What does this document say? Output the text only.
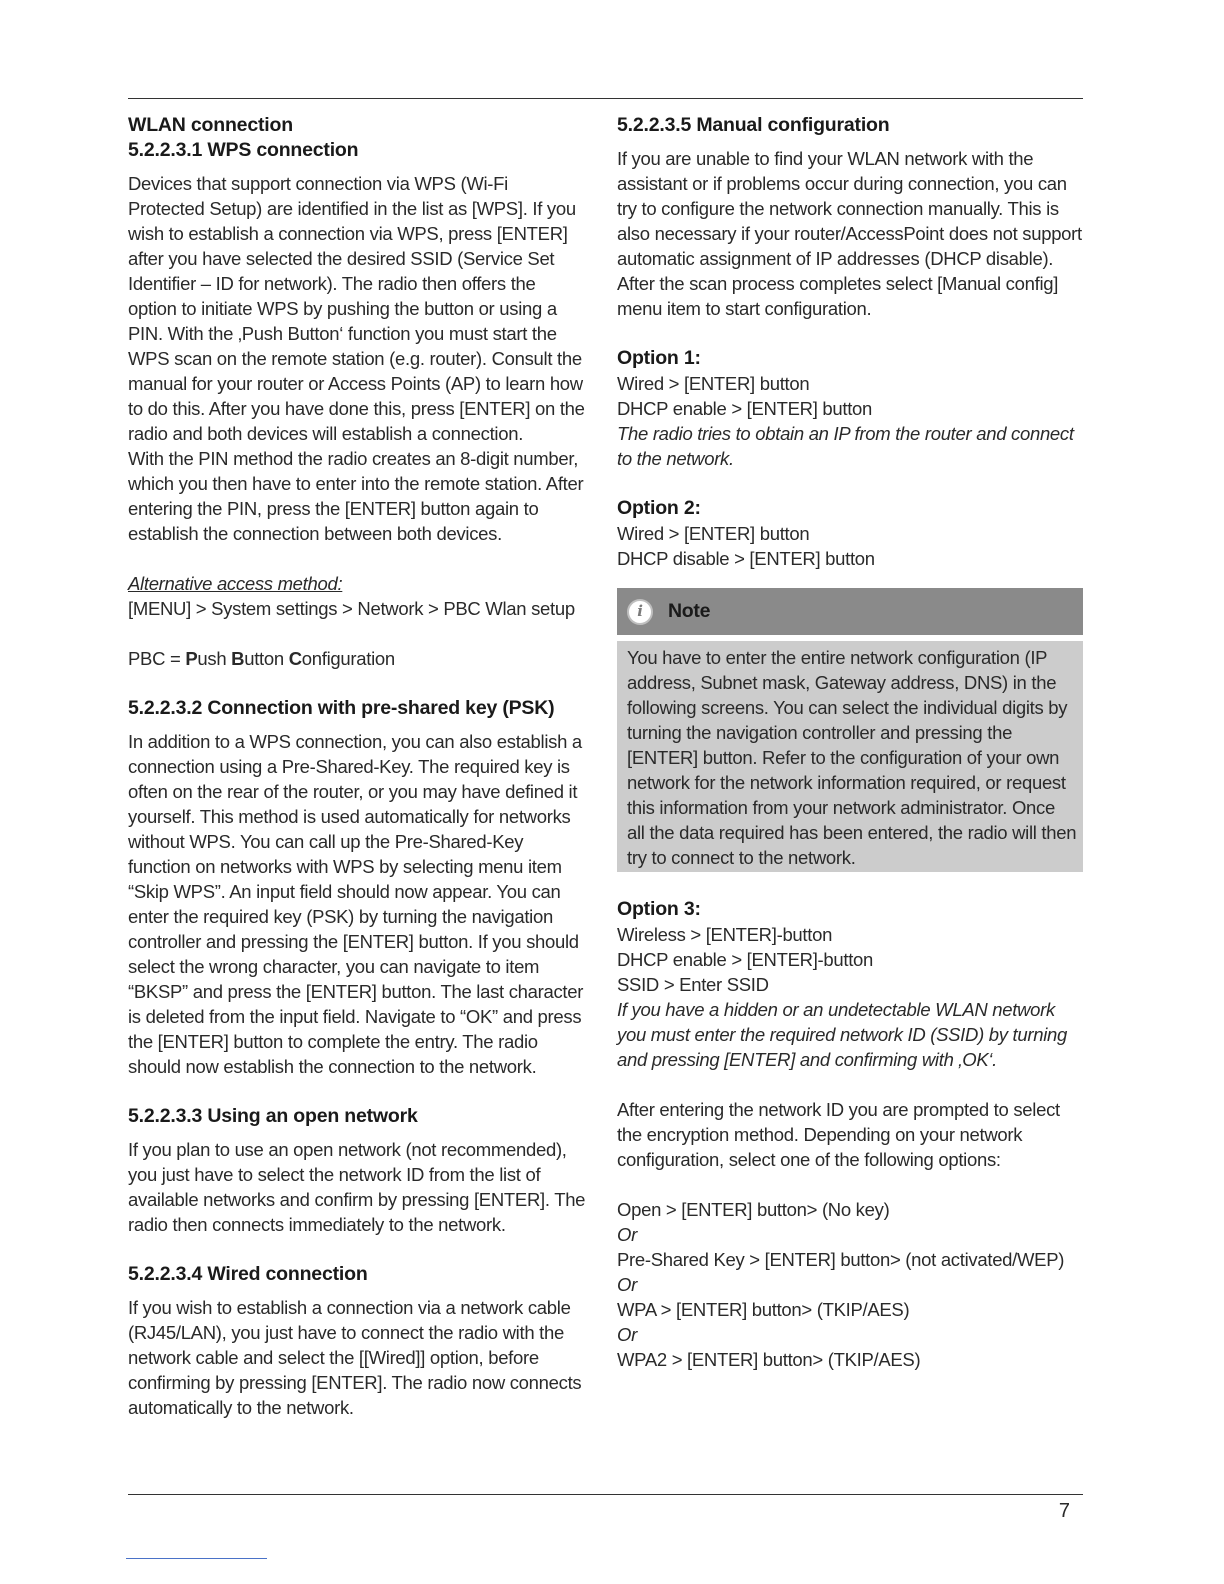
WLAN connection

5.2.2.3.1 WPS connection

Devices that support connection via WPS (Wi-Fi Protected Setup) are identified in the list as [WPS]. If you wish to establish a connection via WPS, press [ENTER] after you have selected the desired SSID (Service Set Identifier – ID for network). The radio then offers the option to initiate WPS by pushing the button or using a PIN. With the ‚Push Button‘ function you must start the WPS scan on the remote station (e.g. router). Consult the manual for your router or Access Points (AP) to learn how to do this. After you have done this, press [ENTER] on the radio and both devices will establish a connection.

With the PIN method the radio creates an 8-digit number, which you then have to enter into the remote station. After entering the PIN, press the [ENTER] button again to establish the connection between both devices.

Alternative access method:

[MENU] > System settings > Network > PBC Wlan setup

PBC = Push Button Configuration

5.2.2.3.2 Connection with pre-shared key (PSK)

In addition to a WPS connection, you can also establish a connection using a Pre-Shared-Key. The required key is often on the rear of the router, or you may have defined it yourself. This method is used automatically for networks without WPS. You can call up the Pre-Shared-Key function on networks with WPS by selecting menu item “Skip WPS”. An input field should now appear. You can enter the required key (PSK) by turning the navigation controller and pressing the [ENTER] button. If you should select the wrong character, you can navigate to item “BKSP” and press the [ENTER] button. The last character is deleted from the input field. Navigate to “OK” and press the [ENTER] button to complete the entry. The radio should now establish the connection to the network.

5.2.2.3.3 Using an open network

If you plan to use an open network (not recommended), you just have to select the network ID from the list of available networks and confirm by pressing [ENTER]. The radio then connects immediately to the network.

5.2.2.3.4 Wired connection

If you wish to establish a connection via a network cable (RJ45/LAN), you just have to connect the radio with the network cable and select the [[Wired]] option, before confirming by pressing [ENTER]. The radio now connects automatically to the network.

5.2.2.3.5 Manual configuration

If you are unable to find your WLAN network with the assistant or if problems occur during connection, you can try to configure the network connection manually. This is also necessary if your router/AccessPoint does not support automatic assignment of IP addresses (DHCP disable). After the scan process completes select [Manual config] menu item to start configuration.

Option 1:

Wired > [ENTER] button

DHCP enable > [ENTER] button

The radio tries to obtain an IP from the router and connect to the network.

Option 2:

Wired > [ENTER] button

DHCP disable > [ENTER] button

i	Note

You have to enter the entire network configuration (IP address, Subnet mask, Gateway address, DNS) in the following screens. You can select the individual digits by turning the navigation controller and pressing the [ENTER] button. Refer to the configuration of your own network for the network information required, or request this information from your network administrator. Once all the data required has been entered, the radio will then try to connect to the network.

Option 3:

Wireless > [ENTER]-button

DHCP enable > [ENTER]-button

SSID > Enter SSID

If you have a hidden or an undetectable WLAN network you must enter the required network ID (SSID) by turning and pressing [ENTER] and confirming with ‚OK‘.

After entering the network ID you are prompted to select the encryption method. Depending on your network configuration, select one of the following options:

Open > [ENTER] button> (No key)

Or

Pre-Shared Key > [ENTER] button> (not activated/WEP)

Or

WPA > [ENTER] button> (TKIP/AES)

Or

WPA2 > [ENTER] button> (TKIP/AES)

7
